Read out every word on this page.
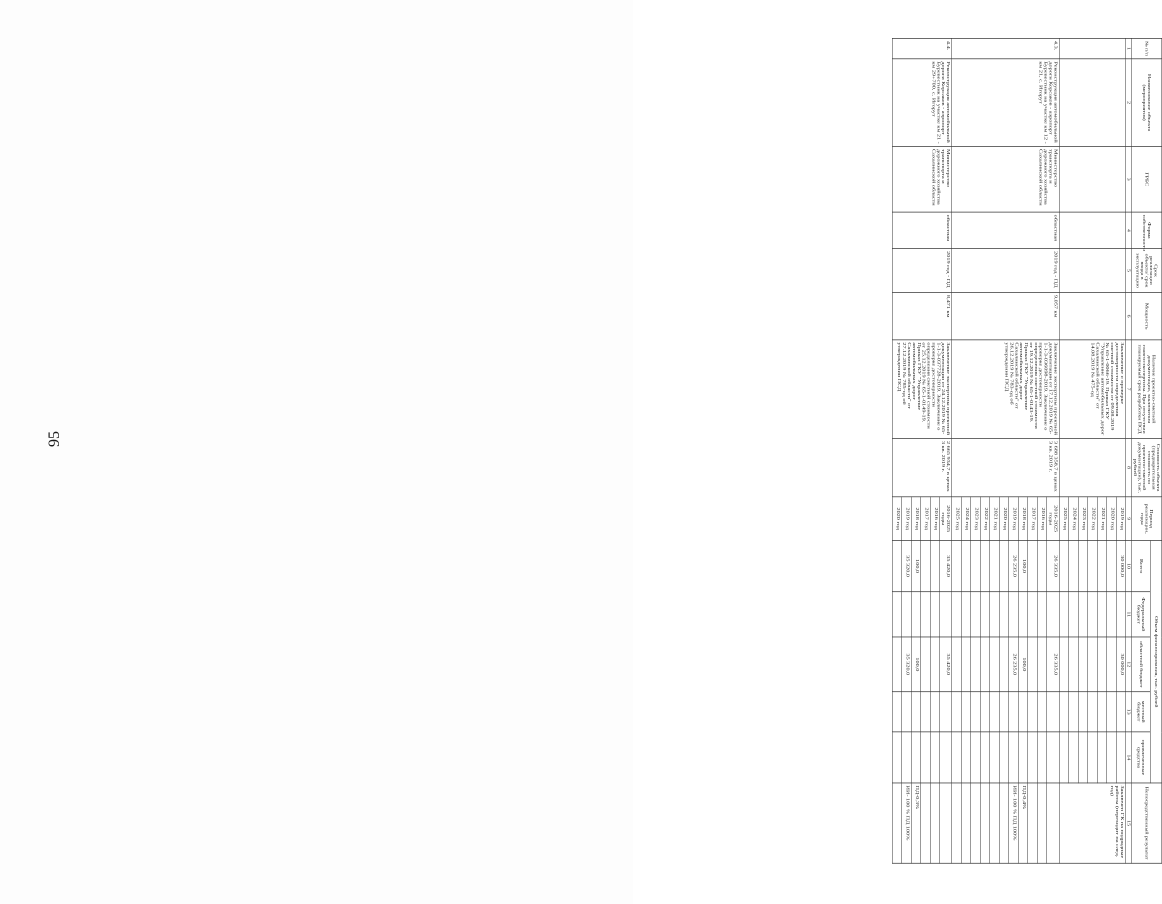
95
№ п/п	Наименование объекта (мероприятия)	ГРБС	Форма собственности	Срок реализации объекта/ срок ввода в эксплуатацию	Мощность	Наличие проектно-сметной документации, заключения главгосэкспертизы. При отсутствии планируемый срок разработки ПСД	Стоимость объекта (предварительная стоимость по проектно-сметной документации), тыс. рублей	Период реализации, годы	Объем финансирования, тыс. рублей					Непосредственный результат
									Всего	Федеральный бюджет	областной бюджет	местный бюджет	привлеченные средства	
1	2	3	4	5	6	7	8	9	10	11	12	13	14	15
						Заключение о проверке достоверности определения сметной стоимости от 09.08.2019 № 65-1-0066-19. Приказ ГКУ "Управление автомобильных дорог Сахалинской области" от 14.08.2019 № 475-од		2019 год	30 000,0		30 000,0			Заключен ГК на подрядные работы (переходит на след. год)
								2020 год						
								2021 год						
								2022 год						
								2023 год						
								2024 год						
								2025 год						
4.3.	Реконструкция автомобильной дороги Корсаков - аэропорт Буревестник на участке км 12 - км 21, с. Игорут	Министерство транспорта и дорожного хозяйства Сахалинской области	областная	2019 год - ПД	9,057 км	Заключение экспертизы проектной документации от 17.12.2019 № 65-1-1-3-036098-2019. Заключение о проверке достоверности определения сметной стоимости от 19.12.2019 № 65-1-0143-19. Приказ ГКУ "Управление автомобильных дорог Сахалинской области" от 26.12.2019 № 783-од об утверждении ПСД	3 688 358,7 в ценах 3 кв. 2019 г.	2016-2025 годы	26 335,0		26 335,0			
								2016 год						
								2017 год						
								2018 год	100,0		100,0			ПД-0,4%
								2019 год	26 235,0		26 235,0			ИИ- 100 % ПД 100%
								2020 год						
								2021 год						
								2022 год						
								2023 год						
								2024 год						
								2025 год						
4.4.	Реконструкция автомобильной дороги Корсаков - аэропорт Буревестник на участке км 21 - км 29+700, с. Игорут	Министерство транспорта и дорожного хозяйства Сахалинской области	областная	2019 год - ПД	8,471 км	Заключение экспертизы проектной документации от 24.12.2019 № 65-1-1-3-037728-2019. Заключение о проверке достоверности определения сметной стоимости от 25.12.2019 № 65-1-0149-19. Приказ ГКУ "Управление автомобильных дорог Сахалинской области" от 27.12.2019 № 785-од об утверждении ПСД	2 665 934,7 в ценах 3 кв. 2019 г.	2016-2025 годы	35 420,0		35 420,0			
								2016 год						
								2017 год						
								2018 год	100,0		100,0			ПД-0,3%
								2019 год	35 320,0		35 320,0			ИИ- 100 % ПД 100%
								2020 год						
